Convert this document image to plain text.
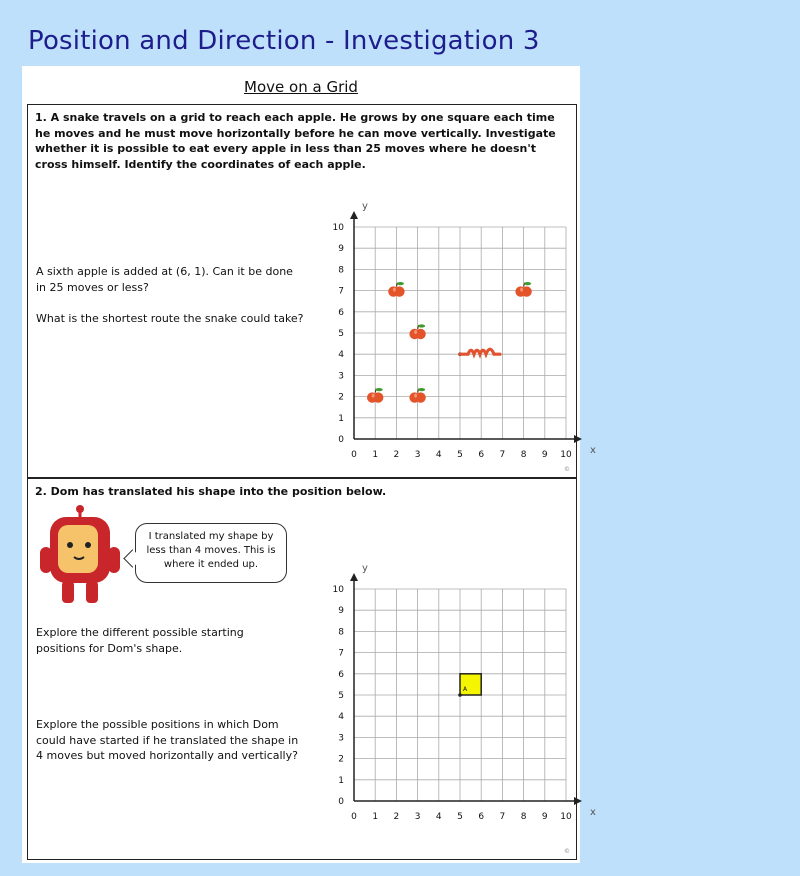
Position and Direction - Investigation 3
Move on a Grid
1. A snake travels on a grid to reach each apple. He grows by one square each time he moves and he must move horizontally before he can move vertically. Investigate whether it is possible to eat every apple in less than 25 moves where he doesn't cross himself. Identify the coordinates of each apple.
A sixth apple is added at (6, 1). Can it be done in 25 moves or less?
What is the shortest route the snake could take?
0 1 2 3 4 5 6 7 8 9 10
0
1
2
3
4
5
6
7
8
9
10
x
y
©
2. Dom has translated his shape into the position below.
I translated my shape by less than 4 moves. This is where it ended up.
Explore the different possible starting positions for Dom's shape.
Explore the possible positions in which Dom could have started if he translated the shape in 4 moves but moved horizontally and vertically?
0 1 2 3 4 5 6 7 8 9 10
0
1
2
3
4
5
6
7
8
9
10
x
y
A
©
